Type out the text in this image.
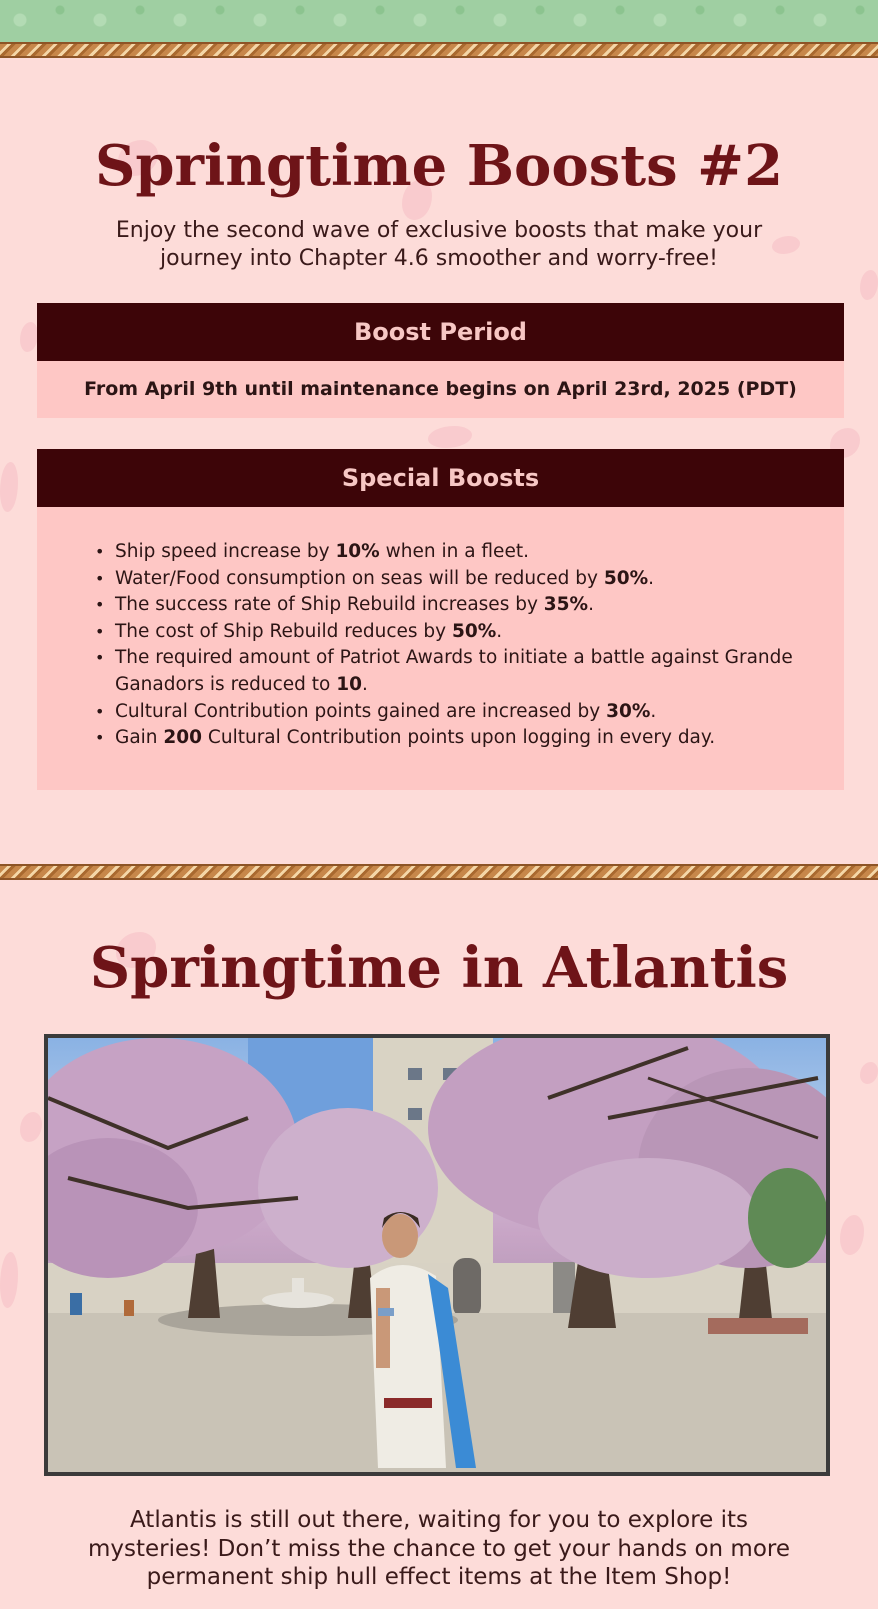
Springtime Boosts #2
Enjoy the second wave of exclusive boosts that make your
journey into Chapter 4.6 smoother and worry-free!
Boost Period
From April 9th until maintenance begins on April 23rd, 2025 (PDT)
Special Boosts
• Ship speed increase by 10% when in a fleet.
• Water/Food consumption on seas will be reduced by 50%.
• The success rate of Ship Rebuild increases by 35%.
• The cost of Ship Rebuild reduces by 50%.
• The required amount of Patriot Awards to initiate a battle against Grande Ganadors is reduced to 10.
• Cultural Contribution points gained are increased by 30%.
• Gain 200 Cultural Contribution points upon logging in every day.
Springtime in Atlantis
Atlantis is still out there, waiting for you to explore its
mysteries! Don’t miss the chance to get your hands on more
permanent ship hull effect items at the Item Shop!
